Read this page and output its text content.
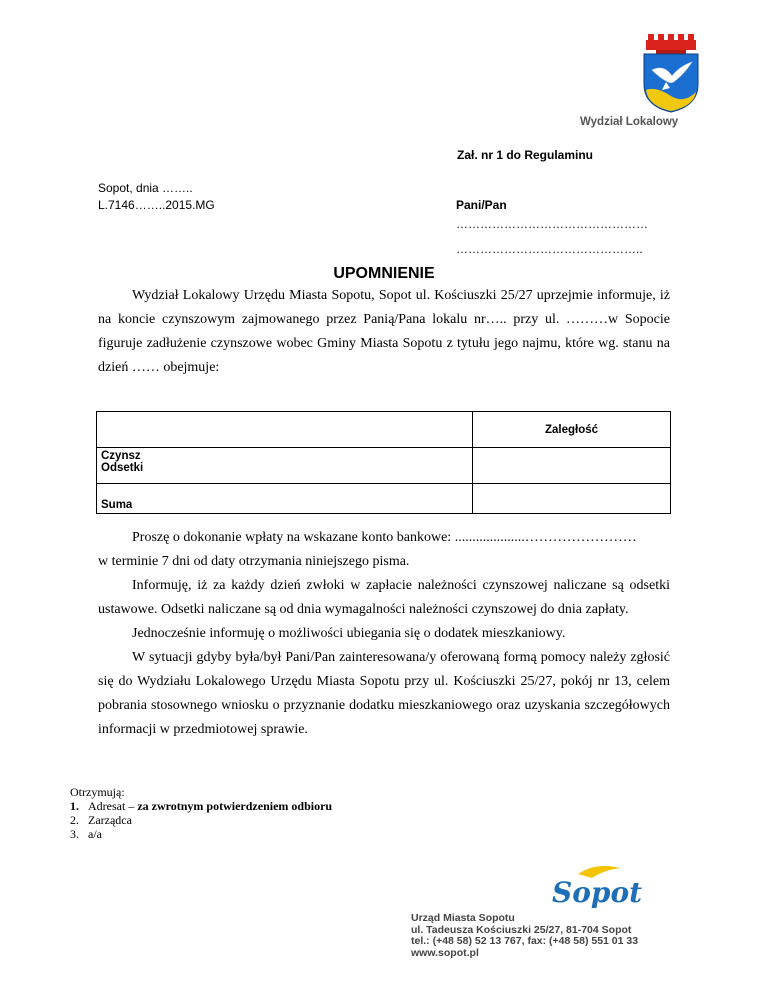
Wydział Lokalowy
Zał. nr 1 do Regulaminu
Sopot, dnia ……..
L.7146……..2015.MG	Pani/Pan
…………………………………………
………………………………………..
UPOMNIENIE
Wydział Lokalowy Urzędu Miasta Sopotu, Sopot ul. Kościuszki 25/27 uprzejmie informuje, iż na koncie czynszowym zajmowanego przez Panią/Pana lokalu nr….. przy ul. ………w Sopocie figuruje zadłużenie czynszowe wobec Gminy Miasta Sopotu z tytułu jego najmu, które wg. stanu na dzień …… obejmuje:
	Zaległość

Czynsz
Odsetki	

Suma	
Proszę o dokonanie wpłaty na wskazane konto bankowe: ....................……………………
w terminie 7 dni od daty otrzymania niniejszego pisma.
Informuję, iż za każdy dzień zwłoki w zapłacie należności czynszowej naliczane są odsetki ustawowe. Odsetki naliczane są od dnia wymagalności należności czynszowej do dnia zapłaty.
Jednocześnie informuję o możliwości ubiegania się o dodatek mieszkaniowy.
W sytuacji gdyby była/był Pani/Pan zainteresowana/y oferowaną formą pomocy należy zgłosić się do Wydziału Lokalowego Urzędu Miasta Sopotu przy ul. Kościuszki 25/27, pokój nr 13, celem pobrania stosownego wniosku o przyznanie dodatku mieszkaniowego oraz uzyskania szczegółowych informacji w przedmiotowej sprawie.
Otrzymują:
1. Adresat – za zwrotnym potwierdzeniem odbioru
2. Zarządca
3. a/a
Sopot
Urząd Miasta Sopotu
ul. Tadeusza Kościuszki 25/27, 81-704 Sopot
tel.: (+48 58) 52 13 767, fax: (+48 58) 551 01 33
www.sopot.pl
